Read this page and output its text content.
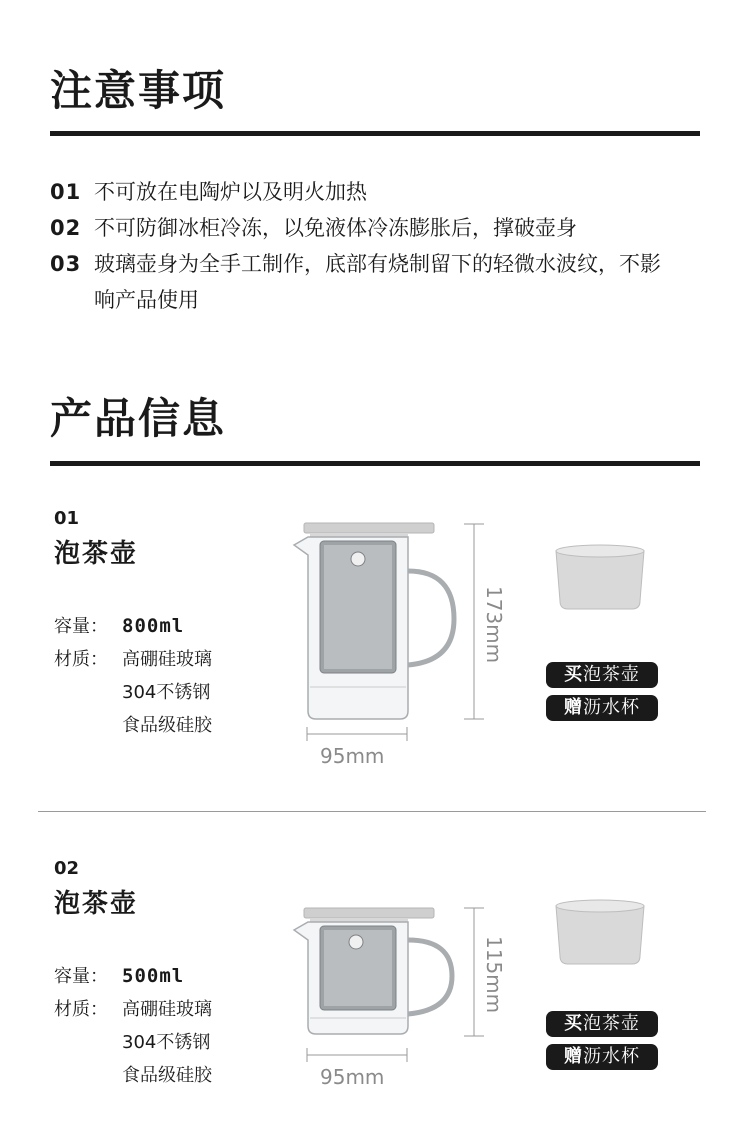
注意事项
01 不可放在电陶炉以及明火加热
02 不可防御冰柜冷冻，以免液体冷冻膨胀后，撑破壶身
03 玻璃壶身为全手工制作，底部有烧制留下的轻微水波纹，不影响产品使用
产品信息
01
泡茶壶
容量： 800ml
材质： 高硼硅玻璃
304不锈钢
食品级硅胶
173mm
95mm
买泡茶壶
赠沥水杯
02
泡茶壶
容量： 500ml
材质： 高硼硅玻璃
304不锈钢
食品级硅胶
115mm
95mm
买泡茶壶
赠沥水杯
